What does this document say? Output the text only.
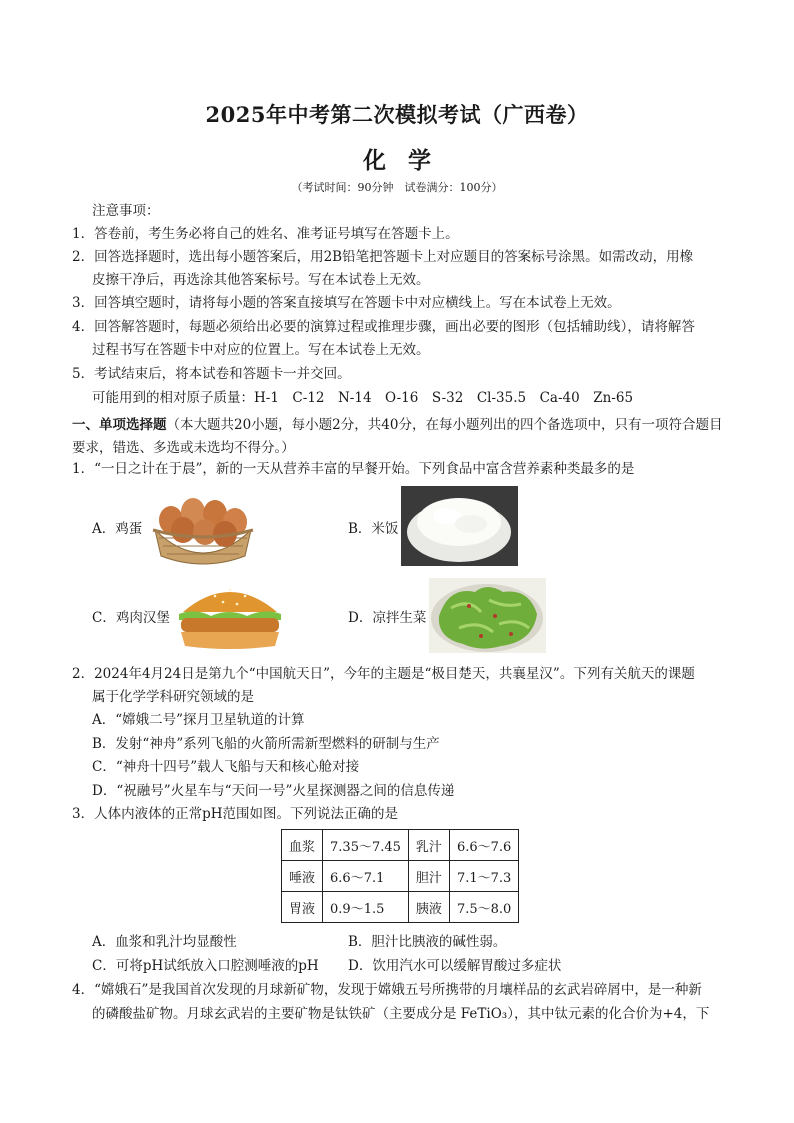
2025年中考第二次模拟考试（广西卷）
化学
（考试时间：90分钟　试卷满分：100分）
注意事项：
1．答卷前，考生务必将自己的姓名、准考证号填写在答题卡上。
2．回答选择题时，选出每小题答案后，用2B铅笔把答题卡上对应题目的答案标号涂黑。如需改动，用橡
皮擦干净后，再选涂其他答案标号。写在本试卷上无效。
3．回答填空题时，请将每小题的答案直接填写在答题卡中对应横线上。写在本试卷上无效。
4．回答解答题时，每题必须给出必要的演算过程或推理步骤，画出必要的图形（包括辅助线），请将解答
过程书写在答题卡中对应的位置上。写在本试卷上无效。
5．考试结束后，将本试卷和答题卡一并交回。
可能用到的相对原子质量：H-1　C-12　N-14　O-16　S-32　Cl-35.5　Ca-40　Zn-65
一、单项选择题（本大题共20小题，每小题2分，共40分，在每小题列出的四个备选项中，只有一项符合题目要求，错选、多选或未选均不得分。）
1．“一日之计在于晨”，新的一天从营养丰富的早餐开始。下列食品中富含营养素种类最多的是
A．鸡蛋	B．米饭
C．鸡肉汉堡	D．凉拌生菜
2．2024年4月24日是第九个“中国航天日”，今年的主题是“极目楚天，共襄星汉”。下列有关航天的课题
属于化学学科研究领域的是
A．“嫦娥二号”探月卫星轨道的计算
B．发射“神舟”系列飞船的火箭所需新型燃料的研制与生产
C．“神舟十四号”载人飞船与天和核心舱对接
D．“祝融号”火星车与“天问一号”火星探测器之间的信息传递
3．人体内液体的正常pH范围如图。下列说法正确的是
血浆	7.35～7.45	乳汁	6.6～7.6
唾液	6.6～7.1	胆汁	7.1～7.3
胃液	0.9～1.5	胰液	7.5～8.0
A．血浆和乳汁均显酸性	B．胆汁比胰液的碱性弱。
C．可将pH试纸放入口腔测唾液的pH D．饮用汽水可以缓解胃酸过多症状
4．“嫦娥石”是我国首次发现的月球新矿物，发现于嫦娥五号所携带的月壤样品的玄武岩碎屑中，是一种新
的磷酸盐矿物。月球玄武岩的主要矿物是钛铁矿（主要成分是 FeTiO₃），其中钛元素的化合价为+4，下
